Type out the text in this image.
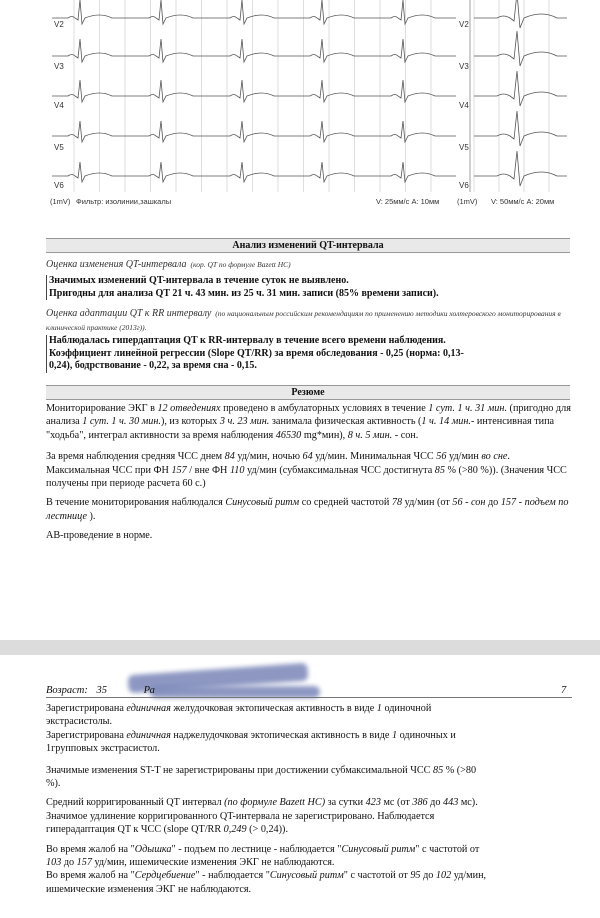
V2
V3
V4
V5
V6
V2
V3
V4
V5
V6
(1mV) Фильтр: изолинии,зашкалы	V: 25мм/с A: 10мм (1mV) V: 50мм/с A: 20мм
Анализ изменений QT-интервала
Оценка изменения QT-интервала (кор. QT по формуле Bazett HC)
Значимых изменений QT-интервала в течение суток не выявлено.
Пригодны для анализа QT 21 ч. 43 мин. из 25 ч. 31 мин. записи (85% времени записи).
Оценка адаптации QT к RR интервалу (по национальным российским рекомендациям по применению методики холтеровского мониторирования в клинической практике (2013г)).
Наблюдалась гипердаптация QT к RR-интервалу в течение всего времени наблюдения.
Коэффициент линейной регрессии (Slope QT/RR) за время обследования - 0,25 (норма: 0,13-
0,24), бодрствование - 0,22, за время сна - 0,15.
Резюме

Мониторирование ЭКГ в 12 отведениях проведено в амбулаторных условиях в течение 1 сут. 1 ч. 31 мин. (пригодно для анализа 1 сут. 1 ч. 30 мин.), из которых 3 ч. 23 мин. занимала физическая активность (1 ч. 14 мин.- интенсивная типа "ходьба", интеграл активности за время наблюдения 46530 mg*мин), 8 ч. 5 мин. - сон.

За время наблюдения средняя ЧСС днем 84 уд/мин, ночью 64 уд/мин. Минимальная ЧСС 56 уд/мин во сне. Максимальная ЧСС при ФН 157 / вне ФН 110 уд/мин (субмаксимальная ЧСС достигнута 85 % (>80 %)). (Значения ЧСС получены при периоде расчета 60 с.)

В течение мониторирования наблюдался Синусовый ритм со средней частотой 78 уд/мин (от 56 - сон до 157 - подъем по лестнице ).

АВ-проведение в норме.

Возраст: 35	Ра	7

Зарегистрирована единичная желудочковая эктопическая активность в виде 1 одиночной
экстрасистолы.

Зарегистрирована единичная наджелудочковая эктопическая активность в виде 1 одиночных и
1групповых экстрасистол.

Значимые изменения ST-T не зарегистрированы при достижении субмаксимальной ЧСС 85 % (>80
%).

Средний корригированный QT интервал (по формуле Bazett HC) за сутки 423 мс (от 386 до 443 мс).
Значимое удлинение корригированного QT-интервала не зарегистрировано. Наблюдается
гиперадаптация QT к ЧСС (slope QT/RR 0,249 (> 0,24)).

Во время жалоб на "Одышка" - подъем по лестнице - наблюдается "Синусовый ритм" с частотой от
103 до 157 уд/мин, ишемические изменения ЭКГ не наблюдаются.
Во время жалоб на "Сердцебиение" - наблюдается "Синусовый ритм" с частотой от 95 до 102 уд/мин,
ишемические изменения ЭКГ не наблюдаются.
